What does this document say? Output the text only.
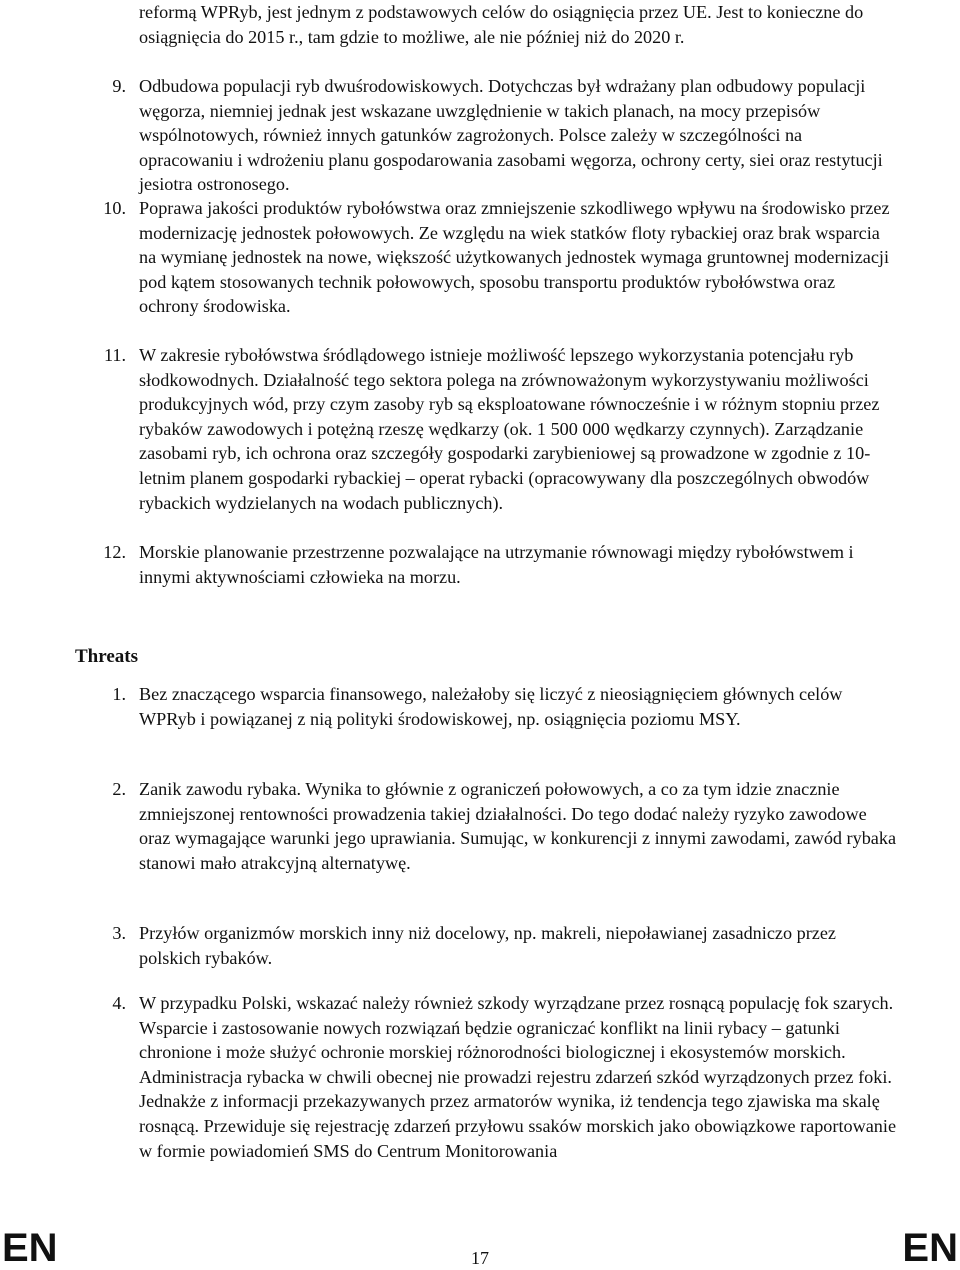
reformą WPRyb, jest jednym z podstawowych celów do osiągnięcia przez UE. Jest to konieczne do osiągnięcia do 2015 r., tam gdzie to możliwe, ale nie później niż do 2020 r.

9. Odbudowa populacji ryb dwuśrodowiskowych. Dotychczas był wdrażany plan odbudowy populacji węgorza, niemniej jednak jest wskazane uwzględnienie w takich planach, na mocy przepisów wspólnotowych, również innych gatunków zagrożonych. Polsce zależy w szczególności na opracowaniu i wdrożeniu planu gospodarowania zasobami węgorza, ochrony certy, siei oraz restytucji jesiotra ostronosego.

10. Poprawa jakości produktów rybołówstwa oraz zmniejszenie szkodliwego wpływu na środowisko przez modernizację jednostek połowowych. Ze względu na wiek statków floty rybackiej oraz brak wsparcia na wymianę jednostek na nowe, większość użytkowanych jednostek wymaga gruntownej modernizacji pod kątem stosowanych technik połowowych, sposobu transportu produktów rybołówstwa oraz ochrony środowiska.

11. W zakresie rybołówstwa śródlądowego istnieje możliwość lepszego wykorzystania potencjału ryb słodkowodnych. Działalność tego sektora polega na zrównoważonym wykorzystywaniu możliwości produkcyjnych wód, przy czym zasoby ryb są eksploatowane równocześnie i w różnym stopniu przez rybaków zawodowych i potężną rzeszę wędkarzy (ok. 1 500 000 wędkarzy czynnych). Zarządzanie zasobami ryb, ich ochrona oraz szczegóły gospodarki zarybieniowej są prowadzone w zgodnie z 10-letnim planem gospodarki rybackiej – operat rybacki (opracowywany dla poszczególnych obwodów rybackich wydzielanych na wodach publicznych).

12. Morskie planowanie przestrzenne pozwalające na utrzymanie równowagi między rybołówstwem i innymi aktywnościami człowieka na morzu.

Threats
1. Bez znaczącego wsparcia finansowego, należałoby się liczyć z nieosiągnięciem głównych celów WPRyb i powiązanej z nią polityki środowiskowej, np. osiągnięcia poziomu MSY.

2. Zanik zawodu rybaka. Wynika to głównie z ograniczeń połowowych, a co za tym idzie znacznie zmniejszonej rentowności prowadzenia takiej działalności. Do tego dodać należy ryzyko zawodowe oraz wymagające warunki jego uprawiania. Sumując, w konkurencji z innymi zawodami, zawód rybaka stanowi mało atrakcyjną alternatywę.

3. Przyłów organizmów morskich inny niż docelowy, np. makreli, niepoławianej zasadniczo przez polskich rybaków.

4. W przypadku Polski, wskazać należy również szkody wyrządzane przez rosnącą populację fok szarych. Wsparcie i zastosowanie nowych rozwiązań będzie ograniczać konflikt na linii rybacy – gatunki chronione i może służyć ochronie morskiej różnorodności biologicznej i ekosystemów morskich. Administracja rybacka w chwili obecnej nie prowadzi rejestru zdarzeń szkód wyrządzonych przez foki. Jednakże z informacji przekazywanych przez armatorów wynika, iż tendencja tego zjawiska ma skalę rosnącą. Przewiduje się rejestrację zdarzeń przyłowu ssaków morskich jako obowiązkowe raportowanie w formie powiadomień SMS do Centrum Monitorowania

EN	17	EN
